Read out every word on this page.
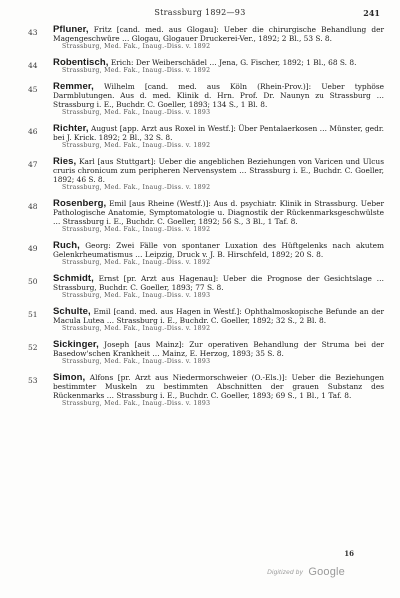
Strassburg 1892—93	241
43	Pfluner, Fritz [cand. med. aus Glogau]: Ueber die chirurgische Behandlung der Magengeschwüre … Glogau, Glogauer Druckerei-Ver., 1892; 2 Bl., 53 S. 8.
Strassburg, Med. Fak., Inaug.-Diss. v. 1892
44	Robentisch, Erich: Der Weiberschädel … Jena, G. Fischer, 1892; 1 Bl., 68 S. 8.
Strassburg, Med. Fak., Inaug.-Diss. v. 1892
45	Remmer, Wilhelm [cand. med. aus Köln (Rhein-Prov.)]: Ueber typhöse Darmblutungen. Aus d. med. Klinik d. Hrn. Prof. Dr. Naunyn zu Strassburg … Strassburg i. E., Buchdr. C. Goeller, 1893; 134 S., 1 Bl. 8.
Strassburg, Med. Fak., Inaug.-Diss. v. 1893
46	Richter, August [app. Arzt aus Roxel in Westf.]: Über Pentalaerkosen … Münster, gedr. bei J. Krick. 1892; 2 Bl., 32 S. 8.
Strassburg, Med. Fak., Inaug.-Diss. v. 1892
47	Ries, Karl [aus Stuttgart]: Ueber die angeblichen Beziehungen von Varicen und Ulcus cruris chronicum zum peripheren Nervensystem … Strassburg i. E., Buchdr. C. Goeller, 1892; 46 S. 8.
Strassburg, Med. Fak., Inaug.-Diss. v. 1892
48	Rosenberg, Emil [aus Rheine (Westf.)]: Aus d. psychiatr. Klinik in Strassburg. Ueber Pathologische Anatomie, Symptomatologie u. Diagnostik der Rückenmarksgeschwülste … Strassburg i. E., Buchdr. C. Goeller, 1892; 56 S., 3 Bl., 1 Taf. 8.
Strassburg, Med. Fak., Inaug.-Diss. v. 1892
49	Ruch, Georg: Zwei Fälle von spontaner Luxation des Hüftgelenks nach akutem Gelenkrheumatismus … Leipzig, Druck v. J. B. Hirschfeld, 1892; 20 S. 8.
Strassburg, Med. Fak., Inaug.-Diss. v. 1892
50	Schmidt, Ernst [pr. Arzt aus Hagenau]: Ueber die Prognose der Gesichtslage … Strassburg, Buchdr. C. Goeller, 1893; 77 S. 8.
Strassburg, Med. Fak., Inaug.-Diss. v. 1893
51	Schulte, Emil [cand. med. aus Hagen in Westf.]: Ophthalmoskopische Befunde an der Macula Lutea … Strassburg i. E., Buchdr. C. Goeller, 1892; 32 S., 2 Bl. 8.
Strassburg, Med. Fak., Inaug.-Diss. v. 1892
52	Sickinger, Joseph [aus Mainz]: Zur operativen Behandlung der Struma bei der Basedow'schen Krankheit … Mainz, E. Herzog, 1893; 35 S. 8.
Strassburg, Med. Fak., Inaug.-Diss. v. 1893
53	Simon, Alfons [pr. Arzt aus Niedermorschweier (O.-Els.)]: Ueber die Beziehungen bestimmter Muskeln zu bestimmten Abschnitten der grauen Substanz des Rückenmarks … Strassburg i. E., Buchdr. C. Goeller, 1893; 69 S., 1 Bl., 1 Taf. 8.
Strassburg, Med. Fak., Inaug.-Diss. v. 1893
16
Digitized by Google
